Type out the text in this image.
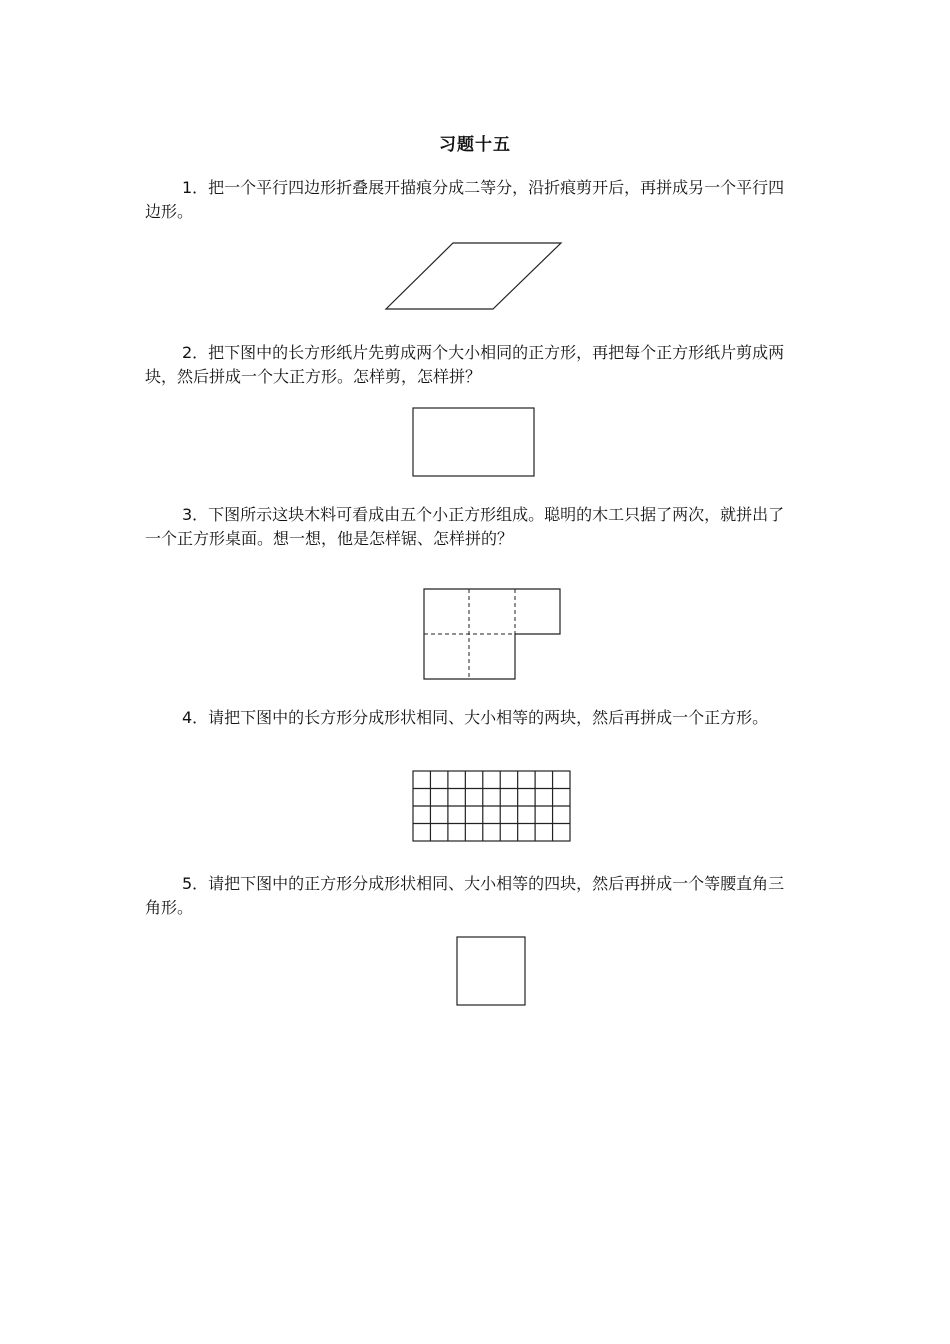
习题十五
1．把一个平行四边形折叠展开描痕分成二等分，沿折痕剪开后，再拼成另一个平行四边形。
2．把下图中的长方形纸片先剪成两个大小相同的正方形，再把每个正方形纸片剪成两块，然后拼成一个大正方形。怎样剪，怎样拼？
3．下图所示这块木料可看成由五个小正方形组成。聪明的木工只据了两次，就拼出了一个正方形桌面。想一想，他是怎样锯、怎样拼的？
4．请把下图中的长方形分成形状相同、大小相等的两块，然后再拼成一个正方形。
5．请把下图中的正方形分成形状相同、大小相等的四块，然后再拼成一个等腰直角三角形。
